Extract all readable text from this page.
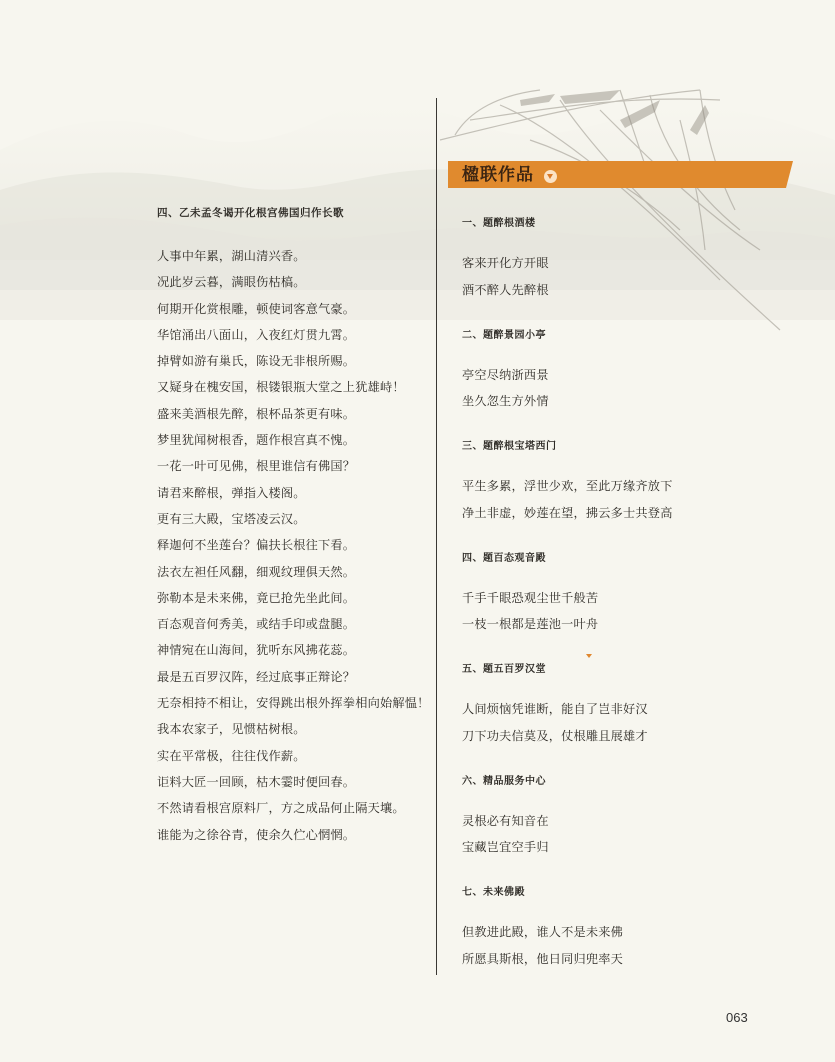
四、乙未孟冬谒开化根宫佛国归作长歌
人事中年累，湖山清兴香。
况此岁云暮，满眼伤枯槁。
何期开化赏根雕，顿使词客意气豪。
华馆涌出八面山，入夜红灯贯九霄。
掉臂如游有巢氏，陈设无非根所赐。
又疑身在槐安国，根镂银瓶大堂之上犹雄峙！
盛来美酒根先醉，根杯品茶更有味。
梦里犹闻树根香，题作根宫真不愧。
一花一叶可见佛，根里谁信有佛国？
请君来醉根，弹指入楼阁。
更有三大殿，宝塔凌云汉。
释迦何不坐莲台？偏扶长根往下看。
法衣左袒任风翻，细观纹理俱天然。
弥勒本是未来佛，竟已抢先坐此间。
百态观音何秀美，或结手印或盘腿。
神情宛在山海间，犹听东风拂花蕊。
最是五百罗汉阵，经过底事正辩论？
无奈相持不相让，安得跳出根外挥拳相向始解愠！
我本农家子，见惯枯树根。
实在平常极，往往伐作薪。
讵料大匠一回顾，枯木霎时便回春。
不然请看根宫原料厂，方之成品何止隔天壤。
谁能为之徐谷青，使余久伫心惘惘。
楹联作品
一、题醉根酒楼
客来开化方开眼
酒不醉人先醉根
二、题醉景园小亭
亭空尽纳浙西景
坐久忽生方外情
三、题醉根宝塔西门
平生多累，浮世少欢，至此万缘齐放下
净土非虚，妙莲在望，拂云多士共登高
四、题百态观音殿
千手千眼恐观尘世千般苦
一枝一根都是莲池一叶舟
五、题五百罗汉堂
人间烦恼凭谁断，能自了岂非好汉
刀下功夫信莫及，仗根雕且展雄才
六、精品服务中心
灵根必有知音在
宝藏岂宜空手归
七、未来佛殿
但教进此殿，谁人不是未来佛
所愿具斯根，他日同归兜率天
063
